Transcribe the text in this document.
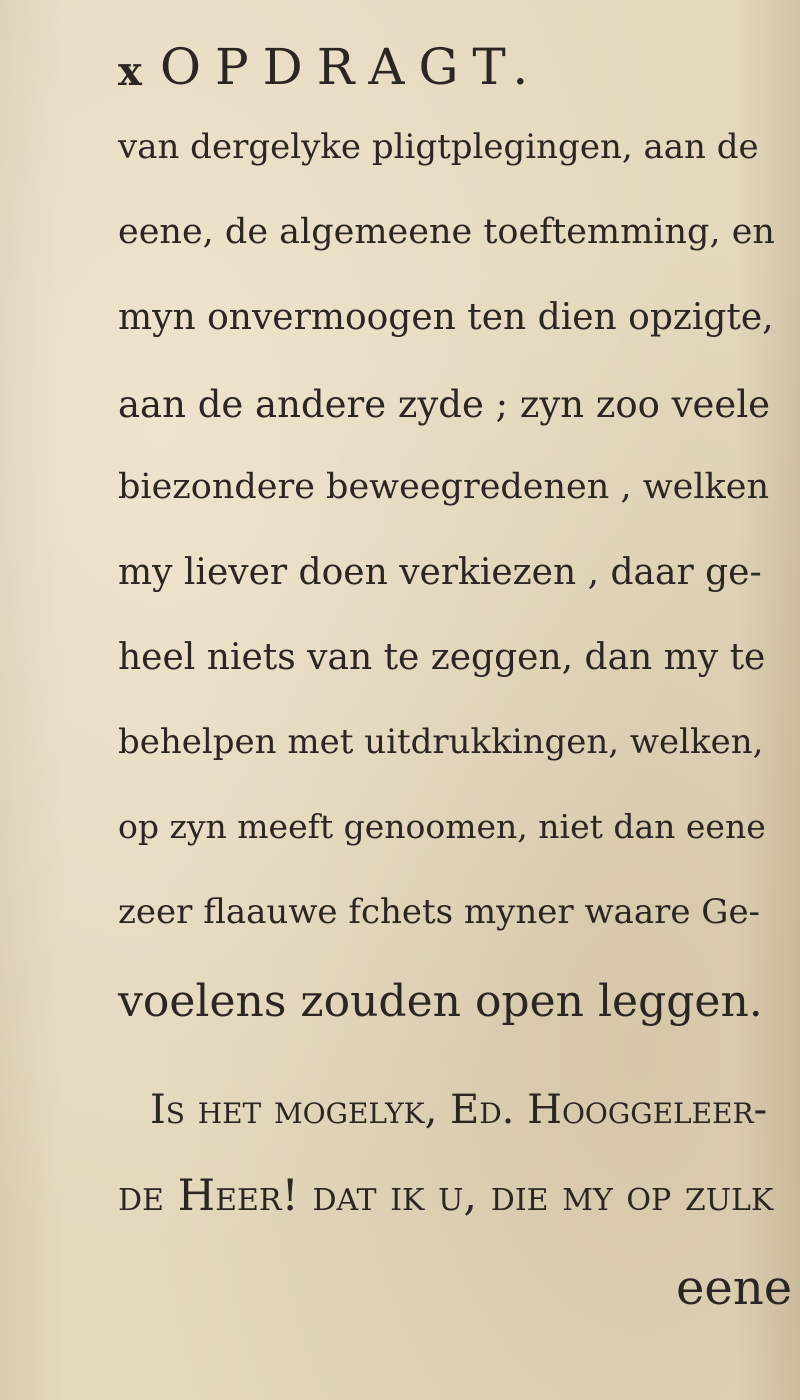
x OPDRAGT.
van dergelyke pligtplegingen, aan de
eene, de algemeene toeftemming, en
myn onvermoogen ten dien opzigte,
aan de andere zyde ; zyn zoo veele
biezondere beweegredenen , welken
my liever doen verkiezen , daar ge-
heel niets van te zeggen, dan my te
behelpen met uitdrukkingen, welken,
op zyn meeft genoomen, niet dan eene
zeer flaauwe fchets myner waare Ge-
voelens zouden open leggen.
Is het mogelyk, Ed. Hooggeleer-
de Heer! dat ik u, die my op zulk
eene
